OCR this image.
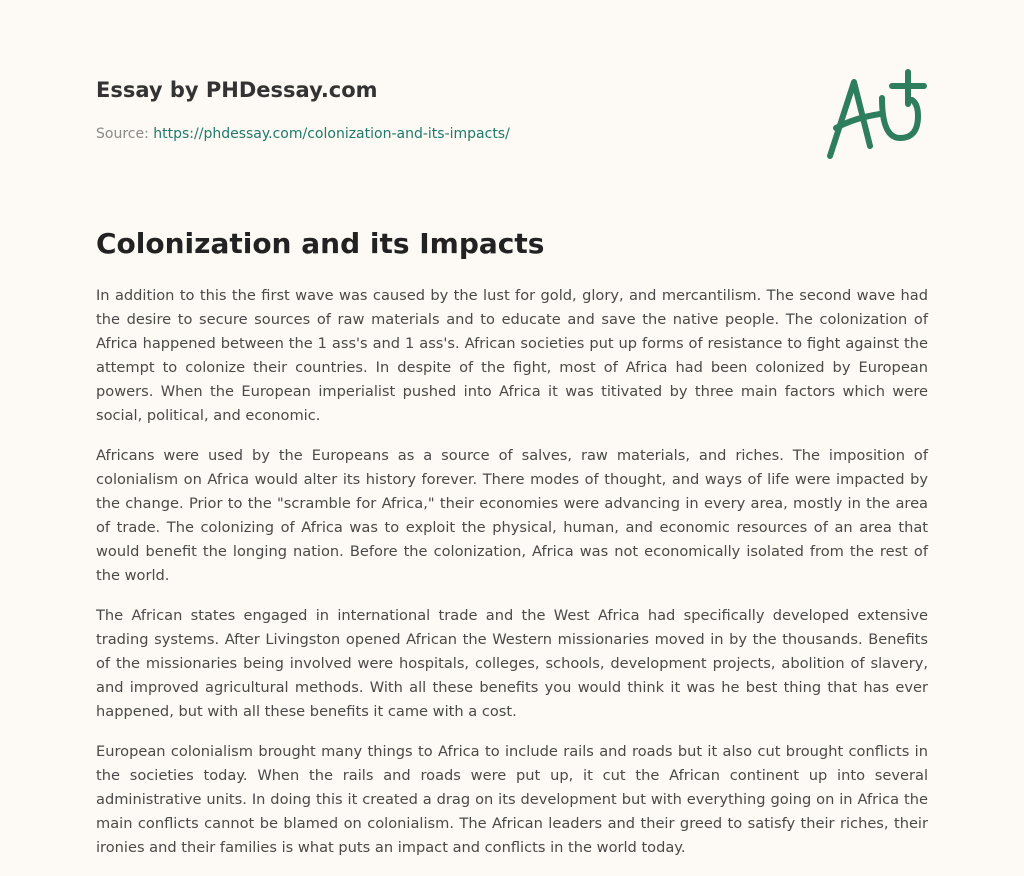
Essay by PHDessay.com
Source: https://phdessay.com/colonization-and-its-impacts/
Colonization and its Impacts

In addition to this the first wave was caused by the lust for gold, glory, and mercantilism. The second wave had the desire to secure sources of raw materials and to educate and save the native people. The colonization of Africa happened between the 1 ass's and 1 ass's. African societies put up forms of resistance to fight against the attempt to colonize their countries. In despite of the fight, most of Africa had been colonized by European powers. When the European imperialist pushed into Africa it was titivated by three main factors which were social, political, and economic.

Africans were used by the Europeans as a source of salves, raw materials, and riches. The imposition of colonialism on Africa would alter its history forever. There modes of thought, and ways of life were impacted by the change. Prior to the "scramble for Africa," their economies were advancing in every area, mostly in the area of trade. The colonizing of Africa was to exploit the physical, human, and economic resources of an area that would benefit the longing nation. Before the colonization, Africa was not economically isolated from the rest of the world.

The African states engaged in international trade and the West Africa had specifically developed extensive trading systems. After Livingston opened African the Western missionaries moved in by the thousands. Benefits of the missionaries being involved were hospitals, colleges, schools, development projects, abolition of slavery, and improved agricultural methods. With all these benefits you would think it was he best thing that has ever happened, but with all these benefits it came with a cost.

European colonialism brought many things to Africa to include rails and roads but it also cut brought conflicts in the societies today. When the rails and roads were put up, it cut the African continent up into several administrative units. In doing this it created a drag on its development but with everything going on in Africa the main conflicts cannot be blamed on colonialism. The African leaders and their greed to satisfy their riches, their ironies and their families is what puts an impact and conflicts in the world today.
